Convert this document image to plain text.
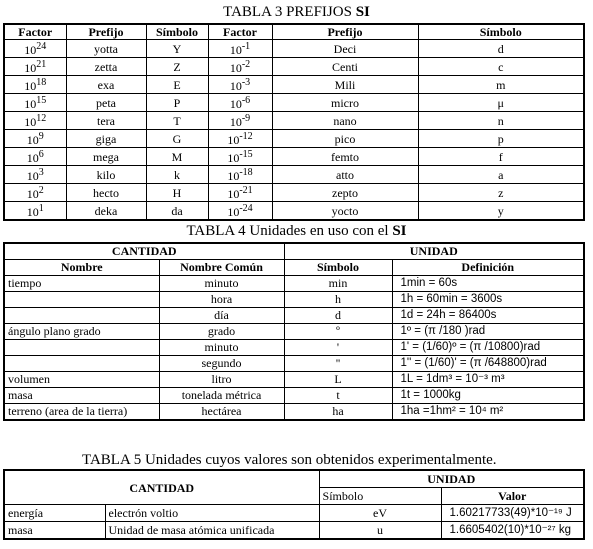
TABLA 3 PREFIJOS SI
Factor	Prefijo	Símbolo	Factor	Prefijo	Símbolo
$10^{24}$	yotta	Y	$10^{-1}$	Deci	d
$10^{21}$	zetta	Z	$10^{-2}$	Centi	c
$10^{18}$	exa	E	$10^{-3}$	Mili	m
$10^{15}$	peta	P	$10^{-6}$	micro	μ
$10^{12}$	tera	T	$10^{-9}$	nano	n
$10^9$	giga	G	$10^{-12}$	pico	p
$10^6$	mega	M	$10^{-15}$	femto	f
$10^3$	kilo	k	$10^{-18}$	atto	a
$10^2$	hecto	H	$10^{-21}$	zepto	z
$10^1$	deka	da	$10^{-24}$	yocto	y
TABLA 4 Unidades en uso con el SI
CANTIDAD		UNIDAD	
Nombre	Nombre Común	Símbolo	Definición
tiempo	minuto	min	1min = 60s
	hora	h	1h = 60min = 3600s
	día	d	1d = 24h = 86400s
ángulo plano grado	grado	º	1º = (π /180 )rad
	minuto	'	1' = (1/60)º = (π /10800)rad
	segundo	''	1'' = (1/60)' = (π /648800)rad
volumen	litro	L	1L = 1dm³ = 10⁻³ m³
masa	tonelada métrica	t	1t = 1000kg
terreno (area de la tierra)	hectárea	ha	1ha =1hm² = 10⁴ m²
TABLA 5 Unidades cuyos valores son obtenidos experimentalmente.
CANTIDAD		UNIDAD	
		Símbolo	Valor
energía	electrón voltio	eV	1.60217733(49)*10⁻¹⁹ J
masa	Unidad de masa atómica unificada	u	1.6605402(10)*10⁻²⁷ kg
